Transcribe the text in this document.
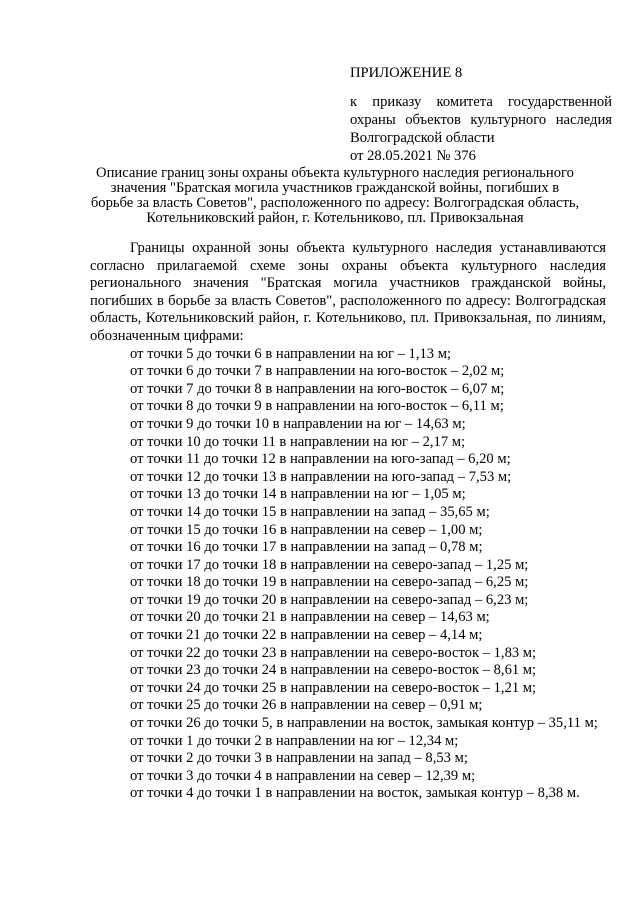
ПРИЛОЖЕНИЕ 8
к приказу комитета государственной охраны объектов культурного наследия Волгоградской области
от 28.05.2021 № 376
Описание границ зоны охраны объекта культурного наследия регионального значения "Братская могила участников гражданской войны, погибших в борьбе за власть Советов", расположенного по адресу: Волгоградская область, Котельниковский район, г. Котельниково, пл. Привокзальная

Границы охранной зоны объекта культурного наследия устанавливаются согласно прилагаемой схеме зоны охраны объекта культурного наследия регионального значения "Братская могила участников гражданской войны, погибших в борьбе за власть Советов", расположенного по адресу: Волгоградская область, Котельниковский район, г. Котельниково, пл. Привокзальная, по линиям, обозначенным цифрами:

от точки 5 до точки 6 в направлении на юг – 1,13 м;

от точки 6 до точки 7 в направлении на юго-восток – 2,02 м;

от точки 7 до точки 8 в направлении на юго-восток – 6,07 м;

от точки 8 до точки 9 в направлении на юго-восток – 6,11 м;

от точки 9 до точки 10 в направлении на юг – 14,63 м;

от точки 10 до точки 11 в направлении на юг – 2,17 м;

от точки 11 до точки 12 в направлении на юго-запад – 6,20 м;

от точки 12 до точки 13 в направлении на юго-запад – 7,53 м;

от точки 13 до точки 14 в направлении на юг – 1,05 м;

от точки 14 до точки 15 в направлении на запад – 35,65 м;

от точки 15 до точки 16 в направлении на север – 1,00 м;

от точки 16 до точки 17 в направлении на запад – 0,78 м;

от точки 17 до точки 18 в направлении на северо-запад – 1,25 м;

от точки 18 до точки 19 в направлении на северо-запад – 6,25 м;

от точки 19 до точки 20 в направлении на северо-запад – 6,23 м;

от точки 20 до точки 21 в направлении на север – 14,63 м;

от точки 21 до точки 22 в направлении на север – 4,14 м;

от точки 22 до точки 23 в направлении на северо-восток – 1,83 м;

от точки 23 до точки 24 в направлении на северо-восток – 8,61 м;

от точки 24 до точки 25 в направлении на северо-восток – 1,21 м;

от точки 25 до точки 26 в направлении на север – 0,91 м;

от точки 26 до точки 5, в направлении на восток, замыкая контур – 35,11 м;

от точки 1 до точки 2 в направлении на юг – 12,34 м;

от точки 2 до точки 3 в направлении на запад – 8,53 м;

от точки 3 до точки 4 в направлении на север – 12,39 м;

от точки 4 до точки 1 в направлении на восток, замыкая контур – 8,38 м.
